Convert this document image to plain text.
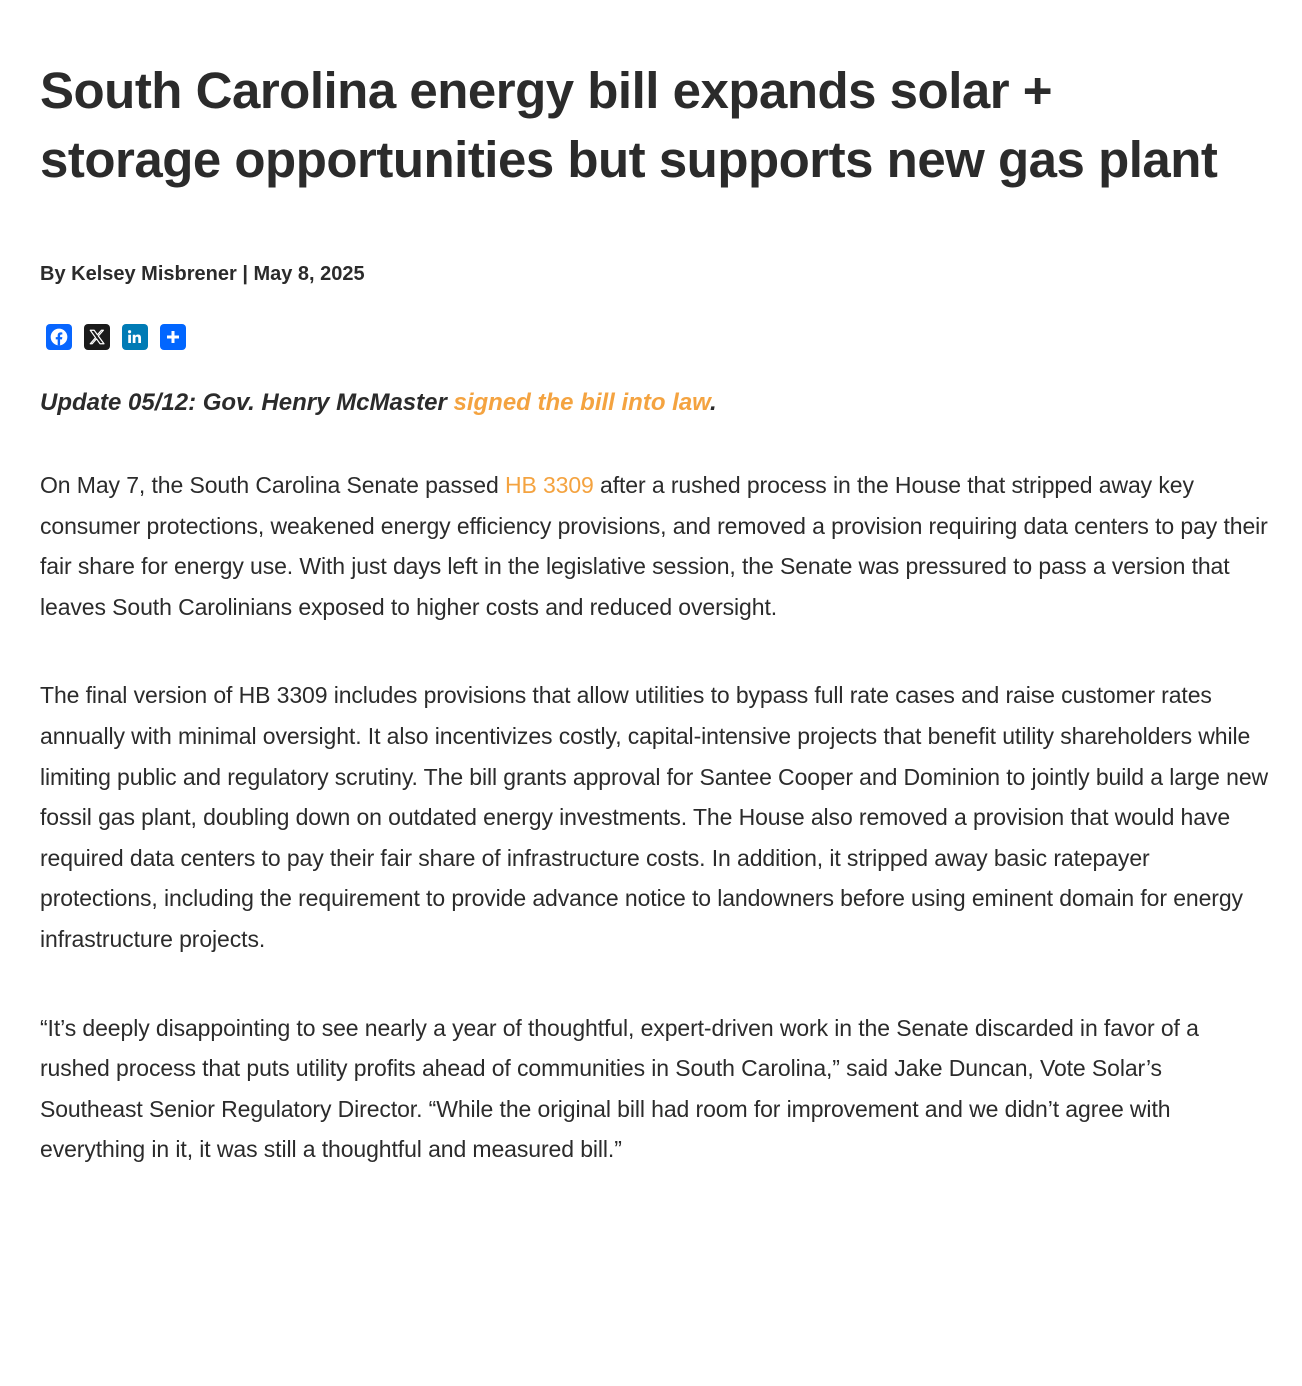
South Carolina energy bill expands solar + storage opportunities but supports new gas plant
By Kelsey Misbrener | May 8, 2025
Update 05/12: Gov. Henry McMaster signed the bill into law.

On May 7, the South Carolina Senate passed HB 3309 after a rushed process in the House that stripped away key consumer protections, weakened energy efficiency provisions, and removed a provision requiring data centers to pay their fair share for energy use. With just days left in the legislative session, the Senate was pressured to pass a version that leaves South Carolinians exposed to higher costs and reduced oversight.

The final version of HB 3309 includes provisions that allow utilities to bypass full rate cases and raise customer rates annually with minimal oversight. It also incentivizes costly, capital-intensive projects that benefit utility shareholders while limiting public and regulatory scrutiny. The bill grants approval for Santee Cooper and Dominion to jointly build a large new fossil gas plant, doubling down on outdated energy investments. The House also removed a provision that would have required data centers to pay their fair share of infrastructure costs. In addition, it stripped away basic ratepayer protections, including the requirement to provide advance notice to landowners before using eminent domain for energy infrastructure projects.

“It’s deeply disappointing to see nearly a year of thoughtful, expert-driven work in the Senate discarded in favor of a rushed process that puts utility profits ahead of communities in South Carolina,” said Jake Duncan, Vote Solar’s Southeast Senior Regulatory Director. “While the original bill had room for improvement and we didn’t agree with everything in it, it was still a thoughtful and measured bill.”
